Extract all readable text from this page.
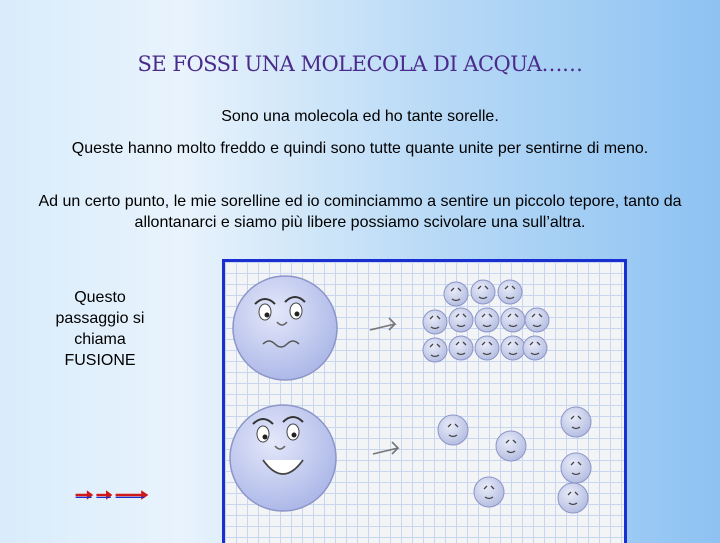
SE FOSSI UNA MOLECOLA DI ACQUA……
Sono una molecola ed ho tante sorelle.
Queste hanno molto freddo e quindi sono tutte quante unite per sentirne di meno.
Ad un certo punto, le mie sorelline ed io cominciammo a sentire un piccolo tepore, tanto da allontanarci e siamo più libere possiamo scivolare una sull’altra.
Questo passaggio si chiama FUSIONE
